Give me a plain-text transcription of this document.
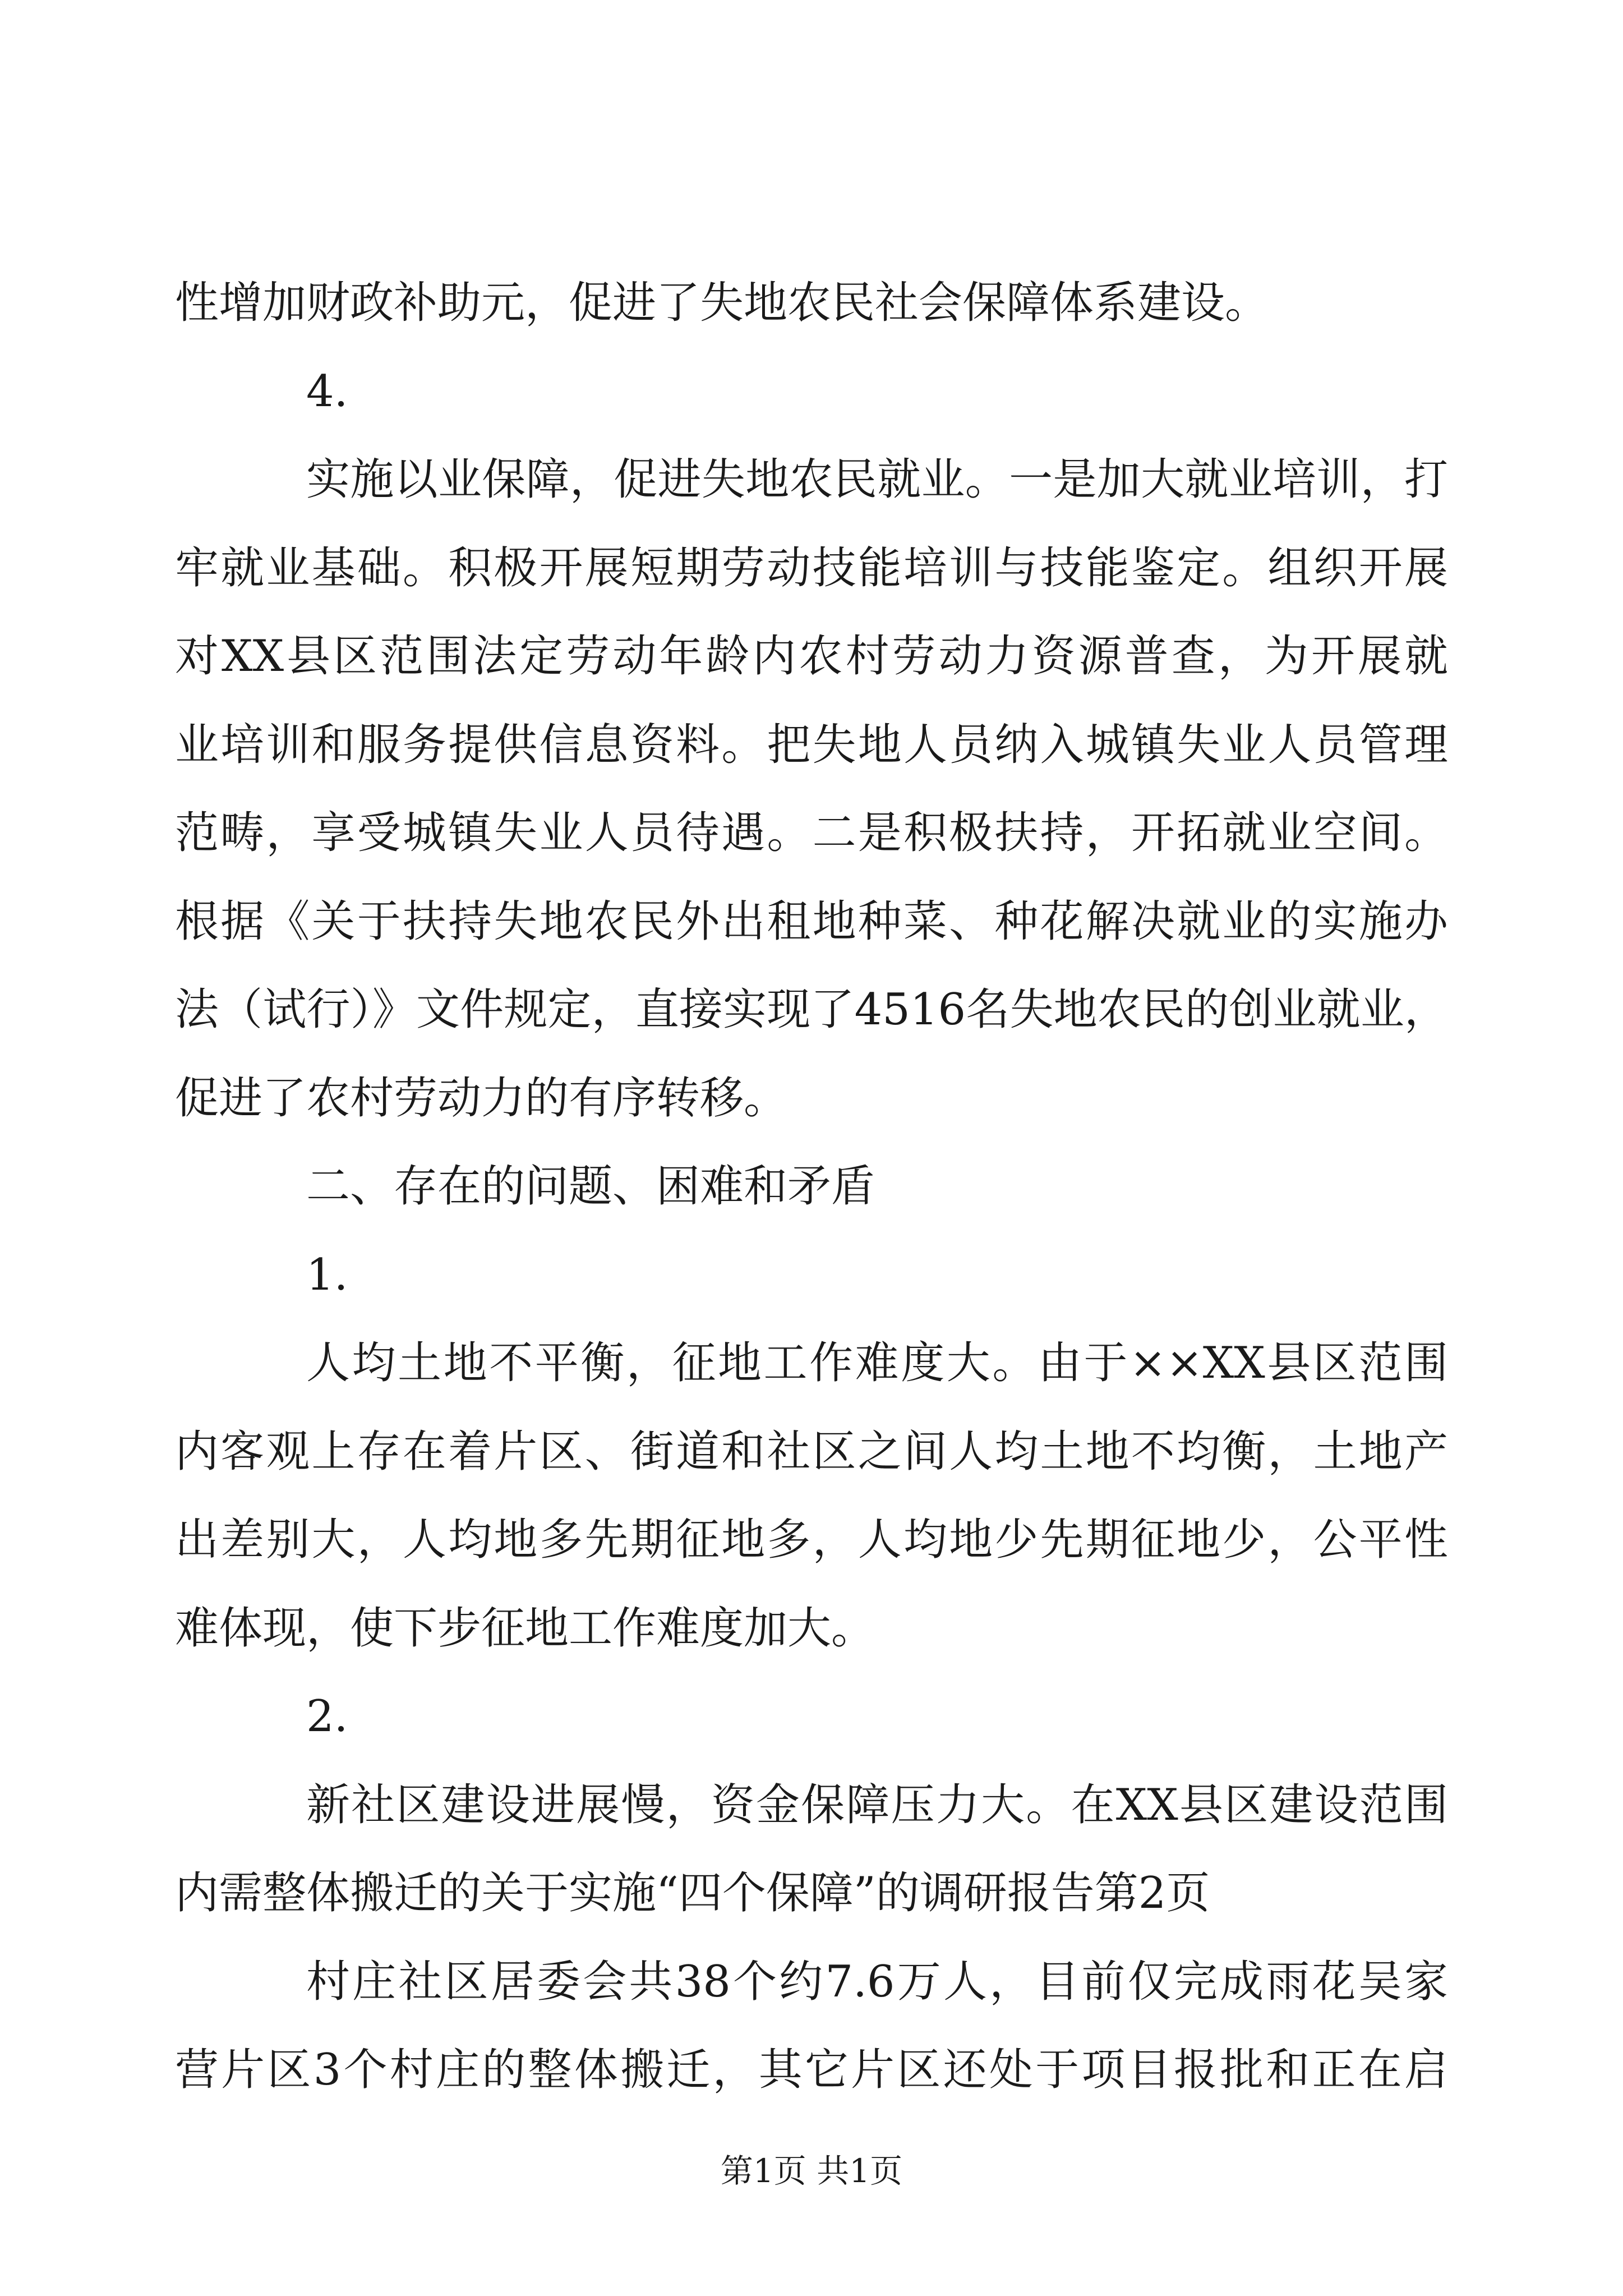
性增加财政补助元，促进了失地农民社会保障体系建设。
4.
实施以业保障，促进失地农民就业。一是加大就业培训，打
牢就业基础。积极开展短期劳动技能培训与技能鉴定。组织开展
对XX县区范围法定劳动年龄内农村劳动力资源普查，为开展就
业培训和服务提供信息资料。把失地人员纳入城镇失业人员管理
范畴，享受城镇失业人员待遇。二是积极扶持，开拓就业空间。
根据《关于扶持失地农民外出租地种菜、种花解决就业的实施办
法（试行）》文件规定，直接实现了4516名失地农民的创业就业，
促进了农村劳动力的有序转移。
二、存在的问题、困难和矛盾
1.
人均土地不平衡，征地工作难度大。由于××XX县区范围
内客观上存在着片区、街道和社区之间人均土地不均衡，土地产
出差别大，人均地多先期征地多，人均地少先期征地少，公平性
难体现，使下步征地工作难度加大。
2.
新社区建设进展慢，资金保障压力大。在XX县区建设范围
内需整体搬迁的关于实施“四个保障”的调研报告第2页
村庄社区居委会共38个约7.6万人，目前仅完成雨花吴家
营片区3个村庄的整体搬迁，其它片区还处于项目报批和正在启
第1页 共1页
